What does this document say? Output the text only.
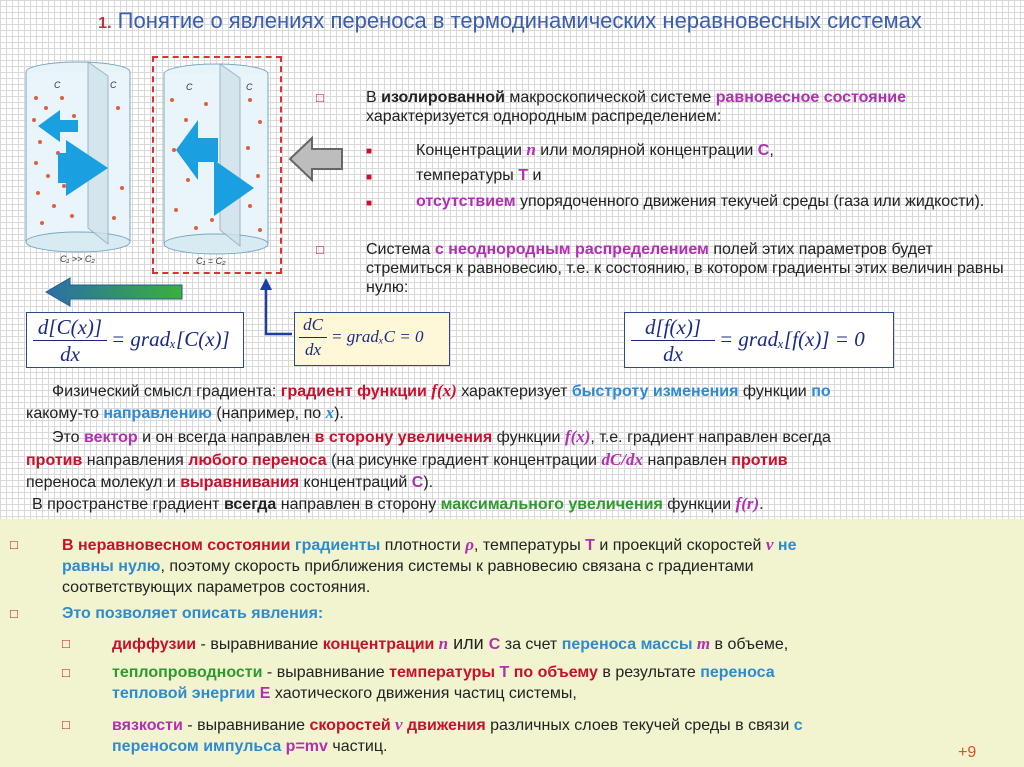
1. Понятие о явлениях переноса в термодинамических неравновесных системах
C	C
C₁ >> C₂
C	C
C₁ = C₂
□	В изолированной макроскопической системе равновесное состояние характеризуется однородным распределением:
■	Концентрации n или молярной концентрации C,
■	температуры T и
■	отсутствием упорядоченного движения текучей среды (газа или жидкости).
□	Система с неоднородным распределением полей этих параметров будет стремиться к равновесию, т.е. к состоянию, в котором градиенты этих величин равны нулю:
d[C(x)]
dx
= gradₓ[C(x)]
dC
dx
= gradₓC = 0	d[f(x)]
dx
= gradₓ[f(x)] = 0
Физический смысл градиента: градиент функции f(x) характеризует быстроту изменения функции по
какому-то направлению (например, по x).
Это вектор и он всегда направлен в сторону увеличения функции f(x), т.е. градиент направлен всегда
против направления любого переноса (на рисунке градиент концентрации dC/dx направлен против
переноса молекул и выравнивания концентраций C).
В пространстве градиент всегда направлен в сторону максимального увеличения функции f(r).
□	В неравновесном состоянии градиенты плотности ρ, температуры T и проекций скоростей v не
равны нулю, поэтому скорость приближения системы к равновесию связана с градиентами
соответствующих параметров состояния.
□	Это позволяет описать явления:
□	диффузии - выравнивание концентрации n или C за счет переноса массы m в объеме,
□	теплопроводности - выравнивание температуры T по объему в результате переноса
тепловой энергии E хаотического движения частиц системы,
□	вязкости - выравнивание скоростей v движения различных слоев текучей среды в связи с
переносом импульса p=mv частиц.	+9
